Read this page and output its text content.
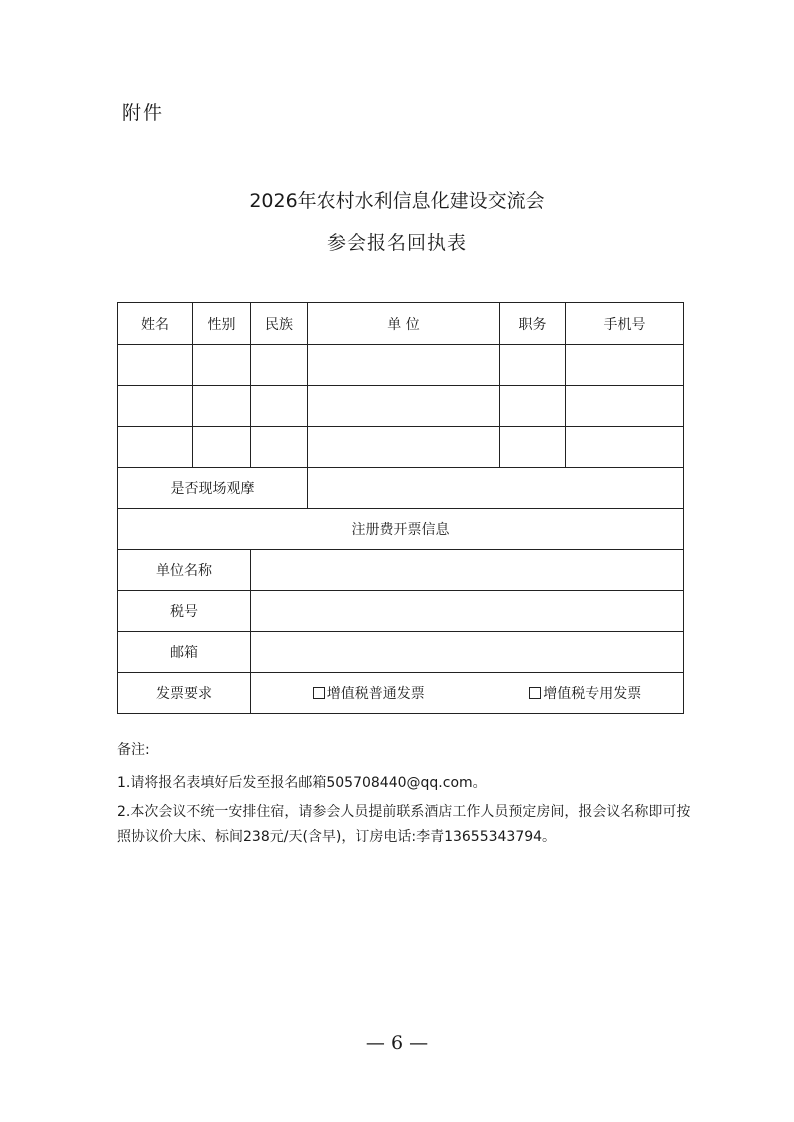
附件
2026年农村水利信息化建设交流会
参会报名回执表
姓名	性别	民族	单 位	职务	手机号

是否现场观摩					
注册费开票信息					
单位名称					
税号					
邮箱					
发票要求		增值税普通发票 增值税专用发票			
备注:

1.请将报名表填好后发至报名邮箱505708440@qq.com。

2.本次会议不统一安排住宿，请参会人员提前联系酒店工作人员预定房间，报会议名称即可按照协议价大床、标间238元/天(含早)，订房电话:李青13655343794。

— 6 —
